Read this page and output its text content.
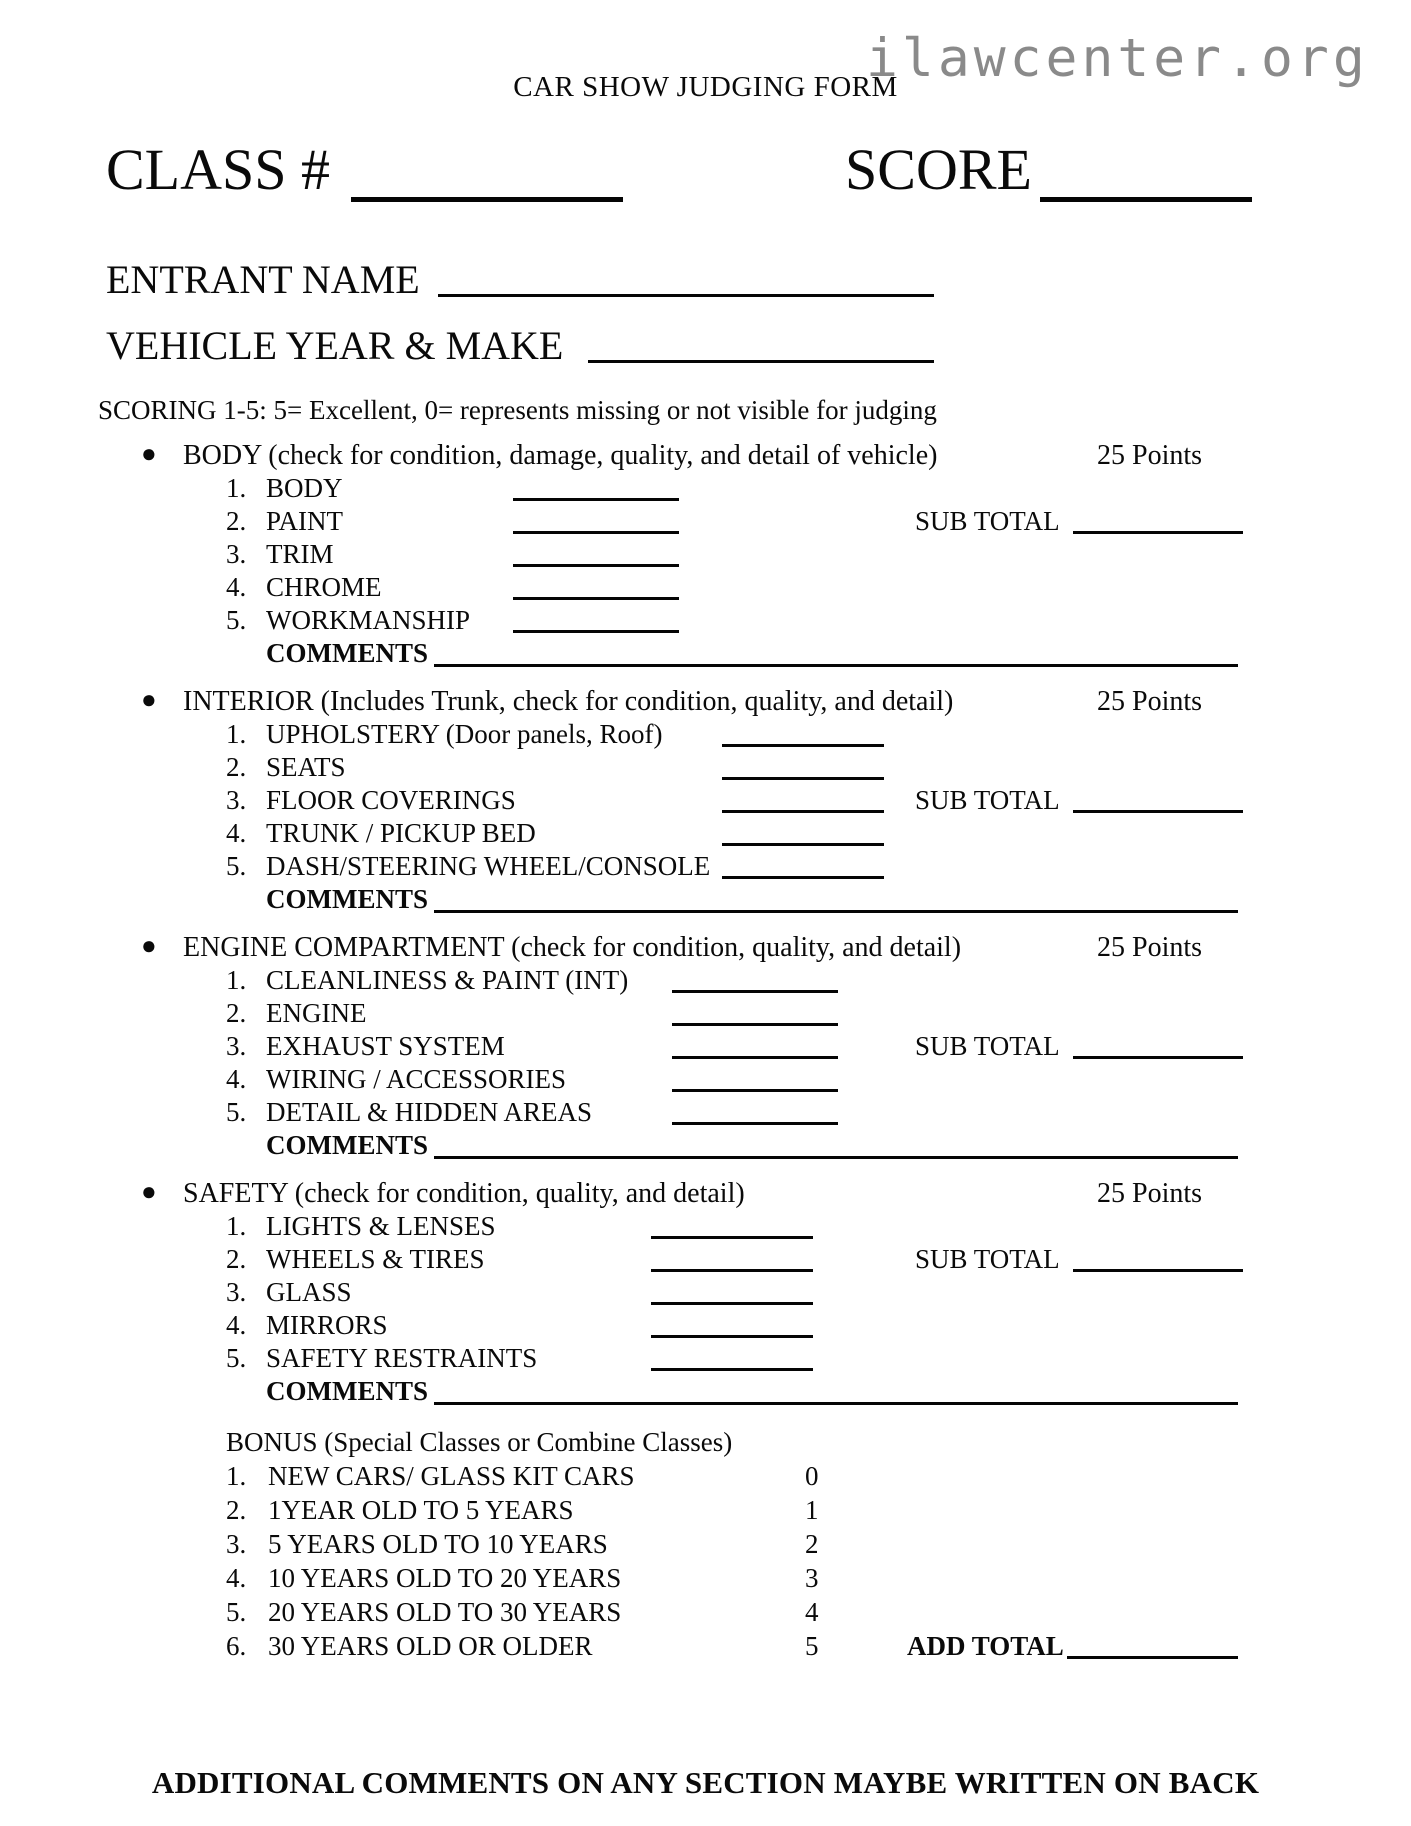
ilawcenter.org
CAR SHOW JUDGING FORM
CLASS #	SCORE
ENTRANT NAME
VEHICLE YEAR & MAKE
SCORING 1-5: 5= Excellent, 0= represents missing or not visible for judging
● BODY (check for condition, damage, quality, and detail of vehicle)	25 Points
1. BODY
2. PAINT	SUB TOTAL
3. TRIM
4. CHROME
5. WORKMANSHIP
COMMENTS
● INTERIOR (Includes Trunk, check for condition, quality, and detail)	25 Points
1. UPHOLSTERY (Door panels, Roof)
2. SEATS
3. FLOOR COVERINGS	SUB TOTAL
4. TRUNK / PICKUP BED
5. DASH/STEERING WHEEL/CONSOLE
COMMENTS
● ENGINE COMPARTMENT (check for condition, quality, and detail)	25 Points
1. CLEANLINESS & PAINT (INT)
2. ENGINE
3. EXHAUST SYSTEM	SUB TOTAL
4. WIRING / ACCESSORIES
5. DETAIL & HIDDEN AREAS
COMMENTS
● SAFETY (check for condition, quality, and detail)	25 Points
1. LIGHTS & LENSES
2. WHEELS & TIRES	SUB TOTAL
3. GLASS
4. MIRRORS
5. SAFETY RESTRAINTS
COMMENTS
BONUS (Special Classes or Combine Classes)
1. NEW CARS/ GLASS KIT CARS	0
2. 1YEAR OLD TO 5 YEARS	1
3. 5 YEARS OLD TO 10 YEARS	2
4. 10 YEARS OLD TO 20 YEARS	3
5. 20 YEARS OLD TO 30 YEARS	4
6. 30 YEARS OLD OR OLDER	5	ADD TOTAL
ADDITIONAL COMMENTS ON ANY SECTION MAYBE WRITTEN ON BACK
